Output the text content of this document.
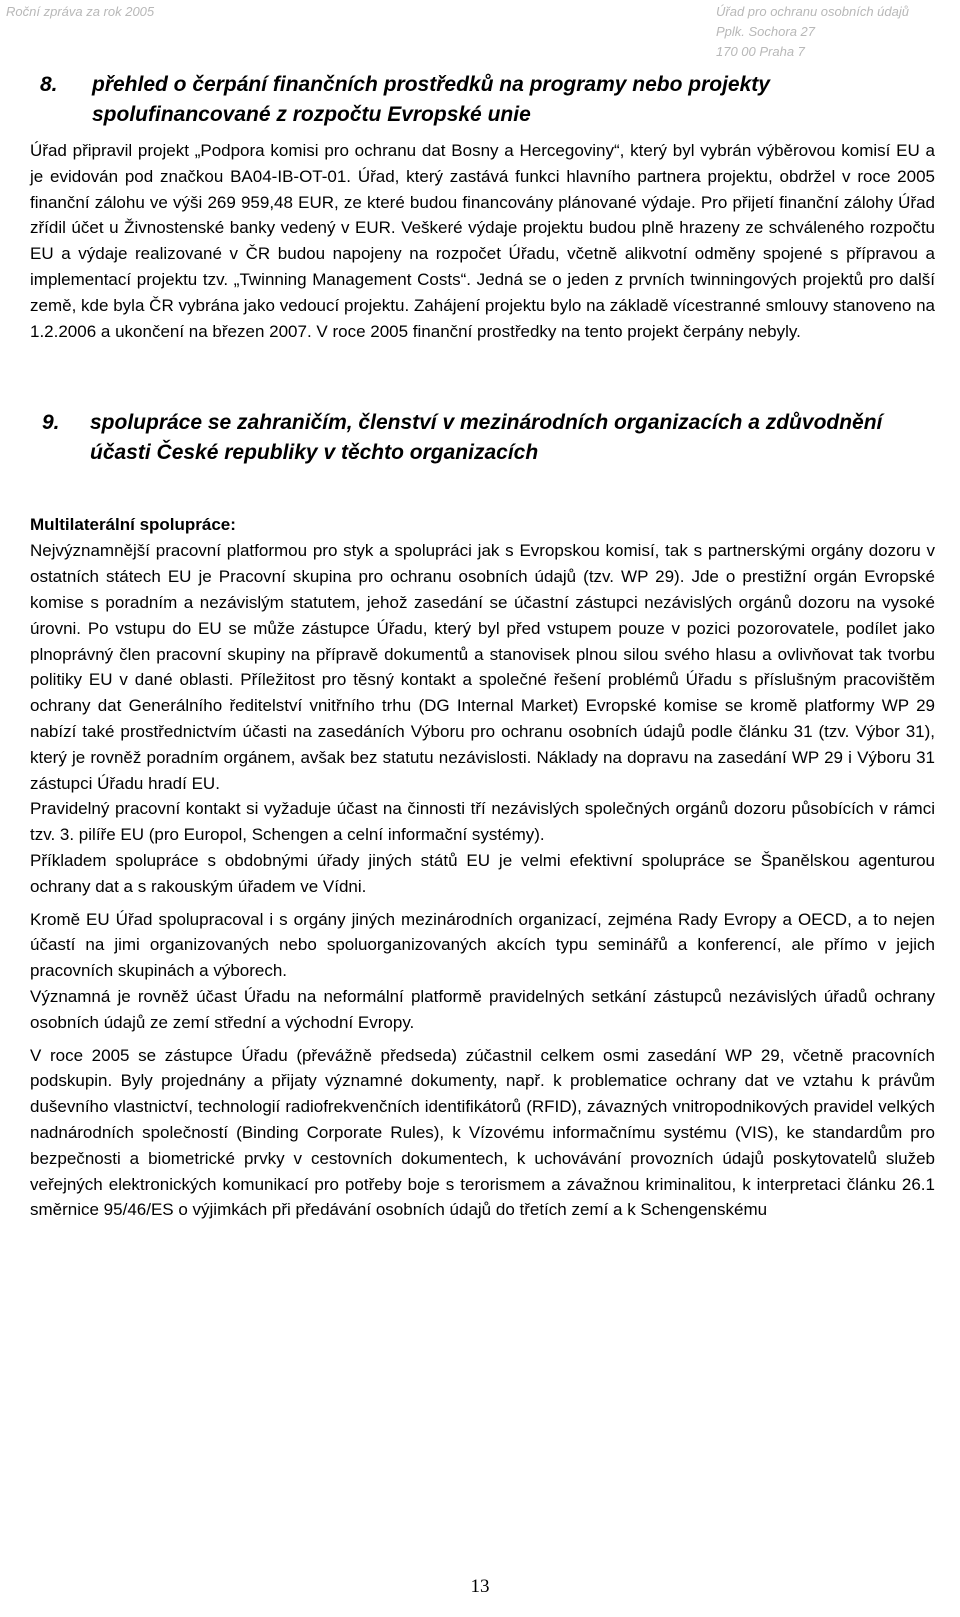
Roční zpráva za rok 2005	Úřad pro ochranu osobních údajů
Pplk. Sochora 27
170 00 Praha 7
8.	přehled o čerpání finančních prostředků na programy nebo projekty spolufinancované z rozpočtu Evropské unie

Úřad připravil projekt „Podpora komisi pro ochranu dat Bosny a Hercegoviny“, který byl vybrán výběrovou komisí EU a je evidován pod značkou BA04-IB-OT-01. Úřad, který zastává funkci hlavního partnera projektu, obdržel v roce 2005 finanční zálohu ve výši 269 959,48 EUR, ze které budou financovány plánované výdaje. Pro přijetí finanční zálohy Úřad zřídil účet u Živnostenské banky vedený v EUR. Veškeré výdaje projektu budou plně hrazeny ze schváleného rozpočtu EU a výdaje realizované v ČR budou napojeny na rozpočet Úřadu, včetně alikvotní odměny spojené s přípravou a implementací projektu tzv. „Twinning Management Costs“. Jedná se o jeden z prvních twinningových projektů pro další země, kde byla ČR vybrána jako vedoucí projektu. Zahájení projektu bylo na základě vícestranné smlouvy stanoveno na 1.2.2006 a ukončení na březen 2007. V roce 2005 finanční prostředky na tento projekt čerpány nebyly.

9.	spolupráce se zahraničím, členství v mezinárodních organizacích a zdůvodnění účasti České republiky v těchto organizacích
Multilaterální spolupráce:

Nejvýznamnější pracovní platformou pro styk a spolupráci jak s Evropskou komisí, tak s partnerskými orgány dozoru v ostatních státech EU je Pracovní skupina pro ochranu osobních údajů (tzv. WP 29). Jde o prestižní orgán Evropské komise s poradním a nezávislým statutem, jehož zasedání se účastní zástupci nezávislých orgánů dozoru na vysoké úrovni. Po vstupu do EU se může zástupce Úřadu, který byl před vstupem pouze v pozici pozorovatele, podílet jako plnoprávný člen pracovní skupiny na přípravě dokumentů a stanovisek plnou silou svého hlasu a ovlivňovat tak tvorbu politiky EU v dané oblasti. Příležitost pro těsný kontakt a společné řešení problémů Úřadu s příslušným pracovištěm ochrany dat Generálního ředitelství vnitřního trhu (DG Internal Market) Evropské komise se kromě platformy WP 29 nabízí také prostřednictvím účasti na zasedáních Výboru pro ochranu osobních údajů podle článku 31 (tzv. Výbor 31), který je rovněž poradním orgánem, avšak bez statutu nezávislosti. Náklady na dopravu na zasedání WP 29 i Výboru 31 zástupci Úřadu hradí EU.

Pravidelný pracovní kontakt si vyžaduje účast na činnosti tří nezávislých společných orgánů dozoru působících v rámci tzv. 3. pilíře EU (pro Europol, Schengen a celní informační systémy).

Příkladem spolupráce s obdobnými úřady jiných států EU je velmi efektivní spolupráce se Španělskou agenturou ochrany dat a s rakouským úřadem ve Vídni.

Kromě EU Úřad spolupracoval i s orgány jiných mezinárodních organizací, zejména Rady Evropy a OECD, a to nejen účastí na jimi organizovaných nebo spoluorganizovaných akcích typu seminářů a konferencí, ale přímo v jejich pracovních skupinách a výborech.

Významná je rovněž účast Úřadu na neformální platformě pravidelných setkání zástupců nezávislých úřadů ochrany osobních údajů ze zemí střední a východní Evropy.

V roce 2005 se zástupce Úřadu (převážně předseda) zúčastnil celkem osmi zasedání WP 29, včetně pracovních podskupin. Byly projednány a přijaty významné dokumenty, např. k problematice ochrany dat ve vztahu k právům duševního vlastnictví, technologií radiofrekvenčních identifikátorů (RFID), závazných vnitropodnikových pravidel velkých nadnárodních společností (Binding Corporate Rules), k Vízovému informačnímu systému (VIS), ke standardům pro bezpečnosti a biometrické prvky v cestovních dokumentech, k uchovávání provozních údajů poskytovatelů služeb veřejných elektronických komunikací pro potřeby boje s terorismem a závažnou kriminalitou, k interpretaci článku 26.1 směrnice 95/46/ES o výjimkách při předávání osobních údajů do třetích zemí a k Schengenskému

13
